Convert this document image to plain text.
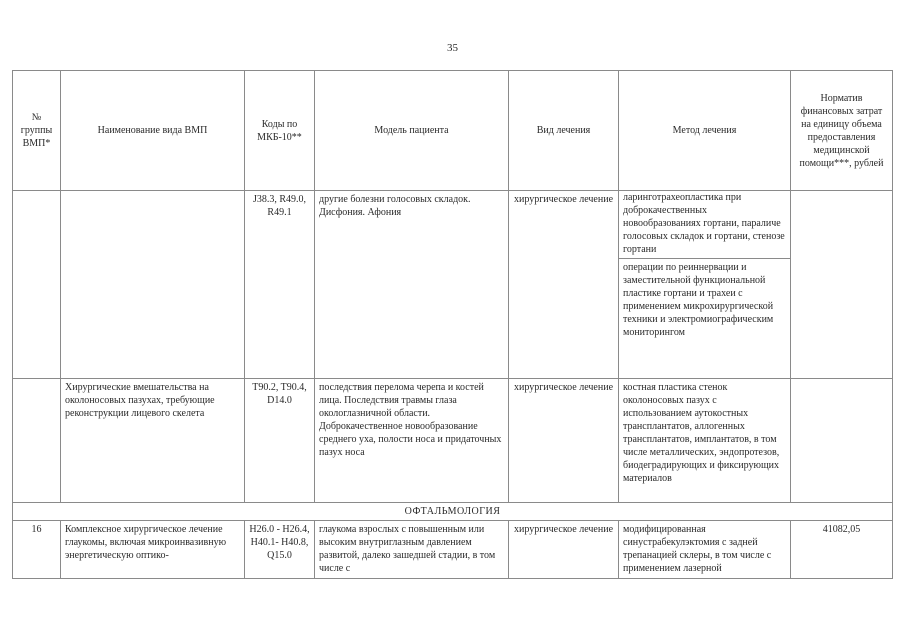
35
№ группы ВМП*	Наименование вида ВМП	Коды по МКБ-10**	Модель пациента	Вид лечения	Метод лечения	Норматив финансовых затрат на единицу объема предоставления медицинской помощи***, рублей
		J38.3, R49.0, R49.1	другие болезни голосовых складок. Дисфония. Афония	хирургическое лечение	ларинготрахеопластика при доброкачественных новообразованиях гортани, параличе голосовых складок и гортани, стенозе гортани
операции по реиннервации и заместительной функциональной пластике гортани и трахеи с применением микрохирургической техники и электромиографическим мониторингом	

	Хирургические вмешательства на околоносовых пазухах, требующие реконструкции лицевого скелета	T90.2, T90.4, D14.0	последствия перелома черепа и костей лица. Последствия травмы глаза окологлазничной области. Доброкачественное новообразование среднего уха, полости носа и придаточных пазух носа	хирургическое лечение	костная пластика стенок околоносовых пазух с использованием аутокостных трансплантатов, аллогенных трансплантатов, имплантатов, в том числе металлических, эндопротезов, биодеградирующих и фиксирующих материалов	
ОФТАЛЬМОЛОГИЯ						
16	Комплексное хирургическое лечение глаукомы, включая микроинвазивную энергетическую оптико-	H26.0 - H26.4, H40.1- H40.8, Q15.0	глаукома взрослых с повышенным или высоким внутриглазным давлением развитой, далеко зашедшей стадии, в том числе с	хирургическое лечение	модифицированная синустрабекулэктомия с задней трепанацией склеры, в том числе с применением лазерной	41082,05
